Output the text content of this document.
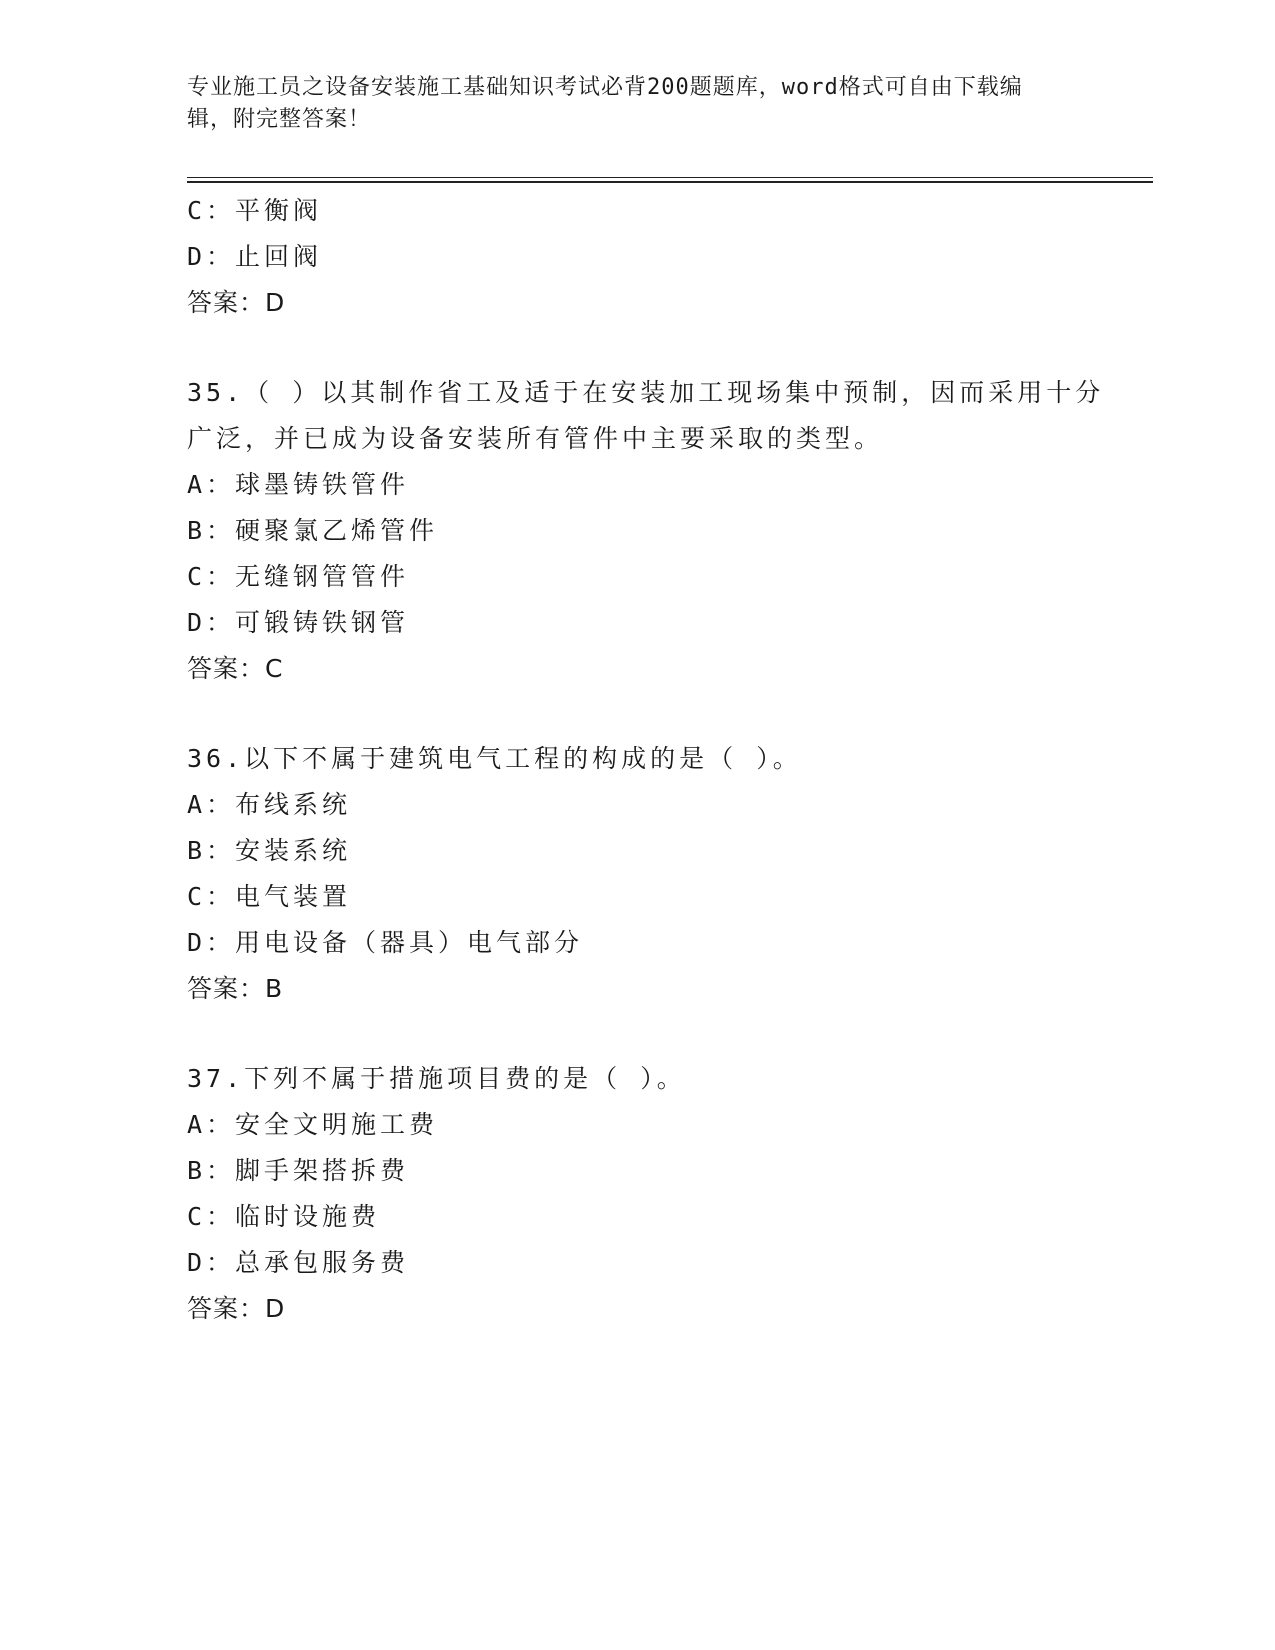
专业施工员之设备安装施工基础知识考试必背200题题库，word格式可自由下载编辑，附完整答案！
C：平衡阀
D：止回阀
答案：D
35.（ ）以其制作省工及适于在安装加工现场集中预制，因而采用十分广泛，并已成为设备安装所有管件中主要采取的类型。
A：球墨铸铁管件
B：硬聚氯乙烯管件
C：无缝钢管管件
D：可锻铸铁钢管
答案：C
36.以下不属于建筑电气工程的构成的是（ ）。
A：布线系统
B：安装系统
C：电气装置
D：用电设备（器具）电气部分
答案：B
37.下列不属于措施项目费的是（ ）。
A：安全文明施工费
B：脚手架搭拆费
C：临时设施费
D：总承包服务费
答案：D
